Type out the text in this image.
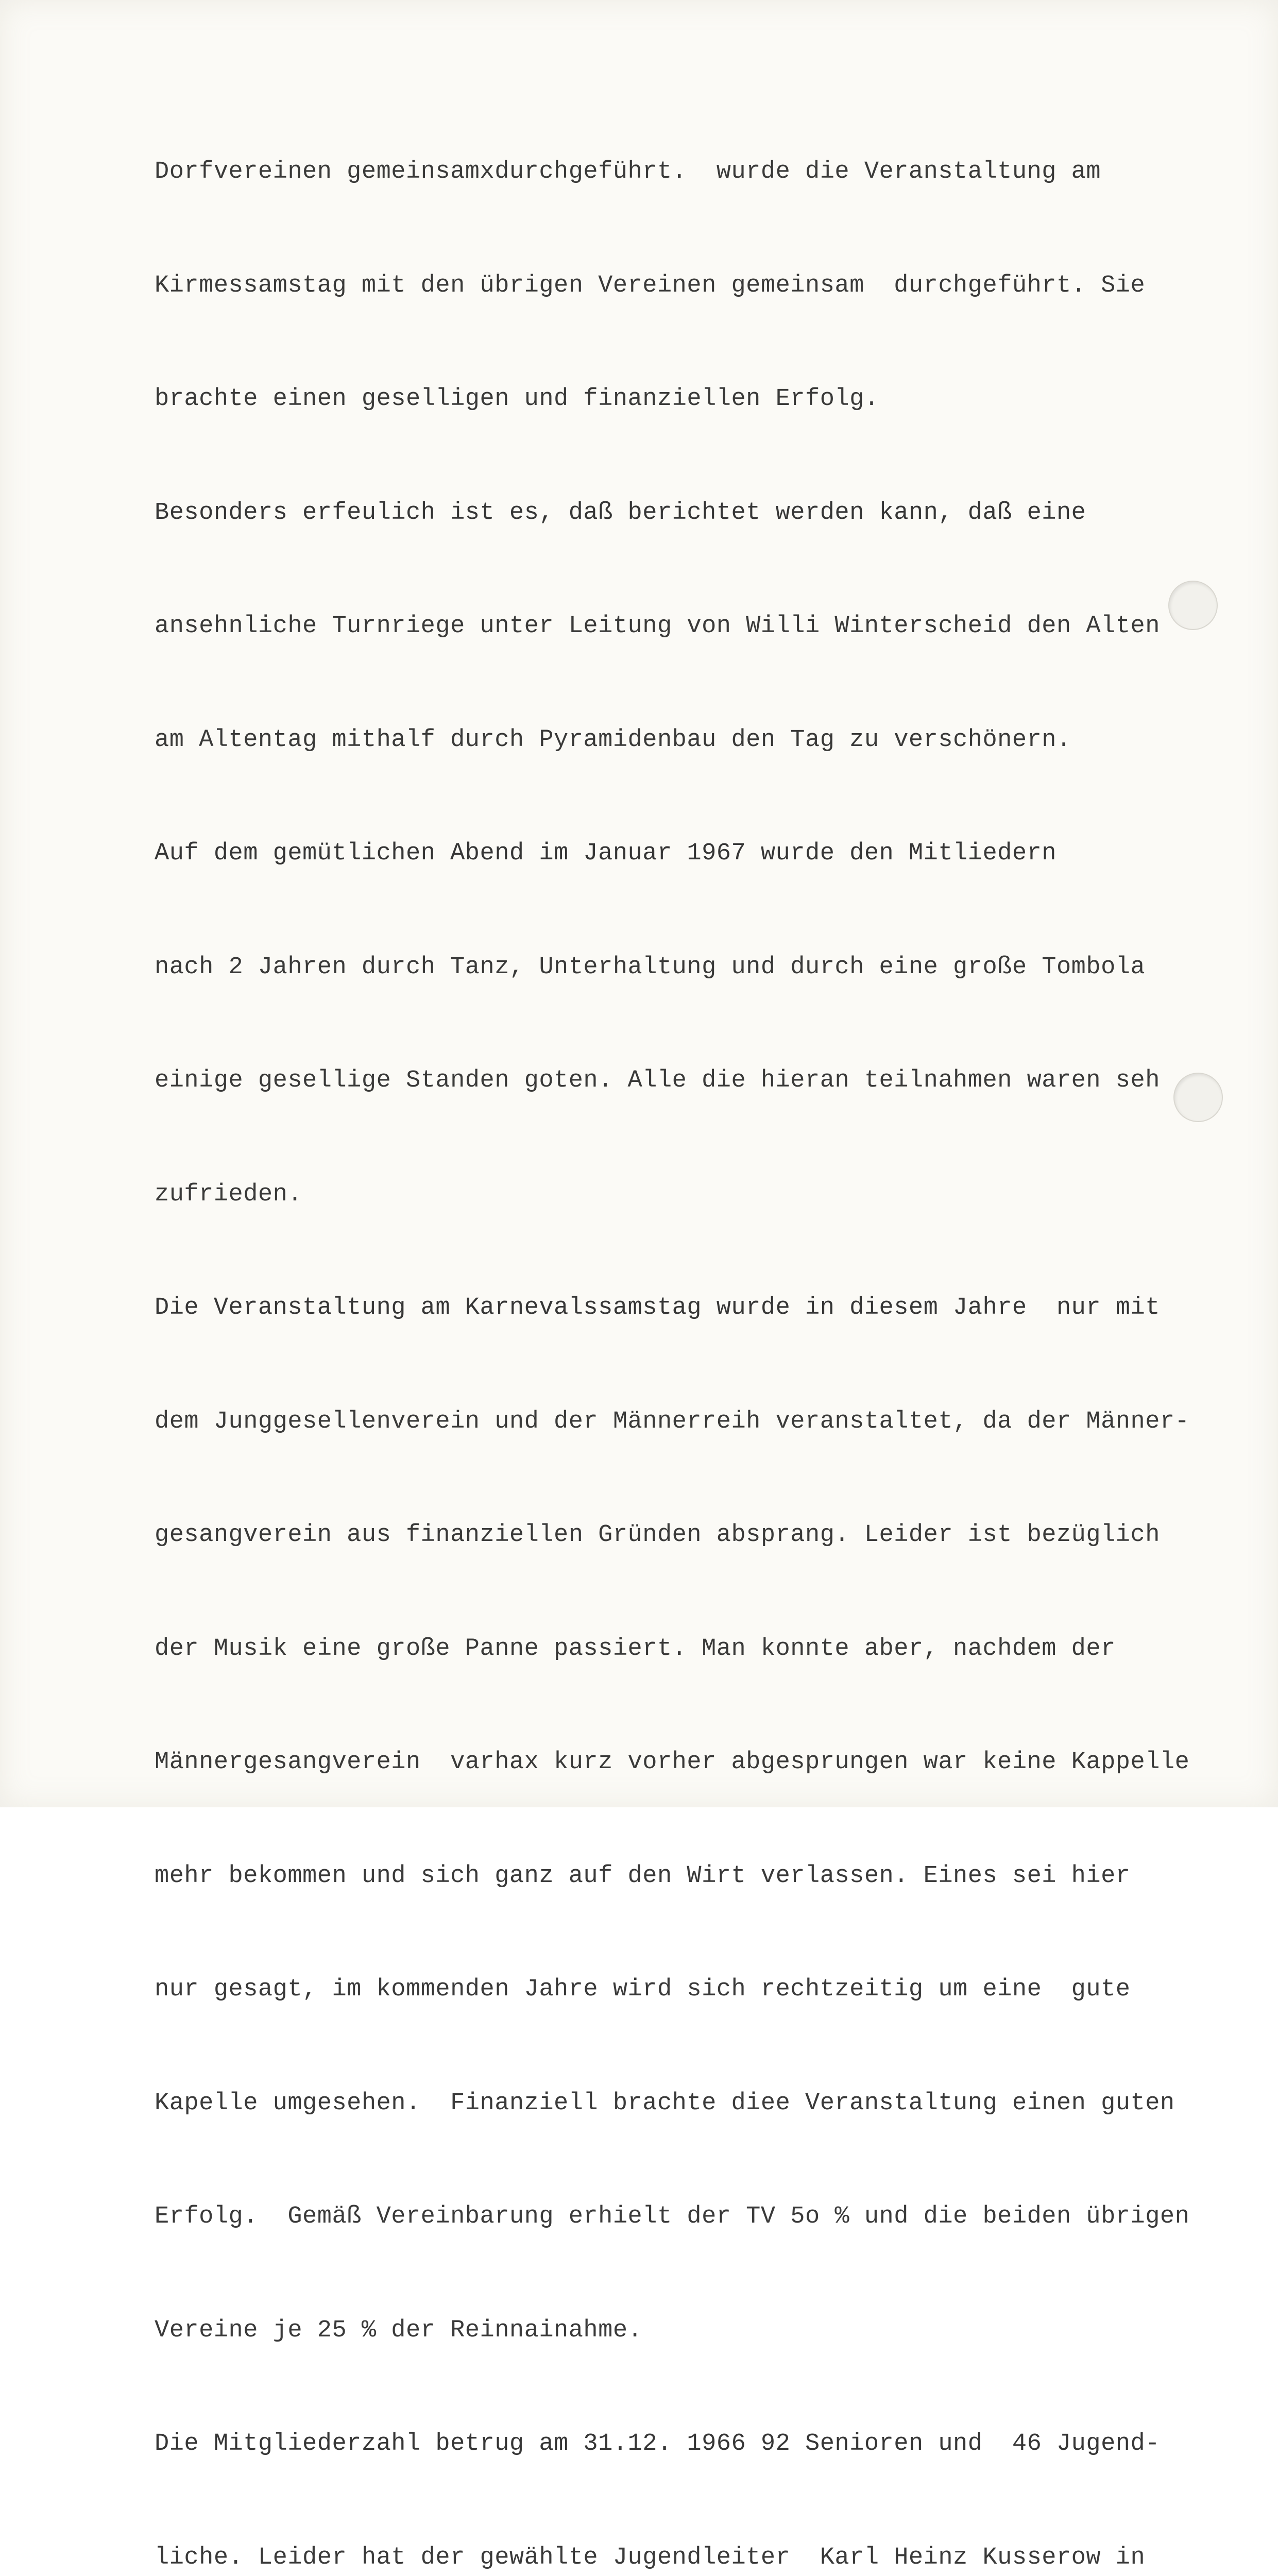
Dorfvereinen gemeinsamxdurchgeführt.  wurde die Veranstaltung am

Kirmessamstag mit den übrigen Vereinen gemeinsam  durchgeführt. Sie

brachte einen geselligen und finanziellen Erfolg.

Besonders erfeulich ist es, daß berichtet werden kann, daß eine

ansehnliche Turnriege unter Leitung von Willi Winterscheid den Alten

am Altentag mithalf durch Pyramidenbau den Tag zu verschönern.

Auf dem gemütlichen Abend im Januar 1967 wurde den Mitliedern

nach 2 Jahren durch Tanz, Unterhaltung und durch eine große Tombola

einige gesellige Standen goten. Alle die hieran teilnahmen waren seh

zufrieden.

Die Veranstaltung am Karnevalssamstag wurde in diesem Jahre  nur mit

dem Junggesellenverein und der Männerreih veranstaltet, da der Männer-

gesangverein aus finanziellen Gründen absprang. Leider ist bezüglich

der Musik eine große Panne passiert. Man konnte aber, nachdem der

Männergesangverein  varhax kurz vorher abgesprungen war keine Kappelle

mehr bekommen und sich ganz auf den Wirt verlassen. Eines sei hier

nur gesagt, im kommenden Jahre wird sich rechtzeitig um eine  gute

Kapelle umgesehen.  Finanziell brachte diee Veranstaltung einen guten

Erfolg.  Gemäß Vereinbarung erhielt der TV 5o % und die beiden übrigen

Vereine je 25 % der Reinnainahme.

Die Mitgliederzahl betrug am 31.12. 1966 92 Senioren und  46 Jugend-

liche. Leider hat der gewählte Jugendleiter  Karl Heinz Kusserow in
